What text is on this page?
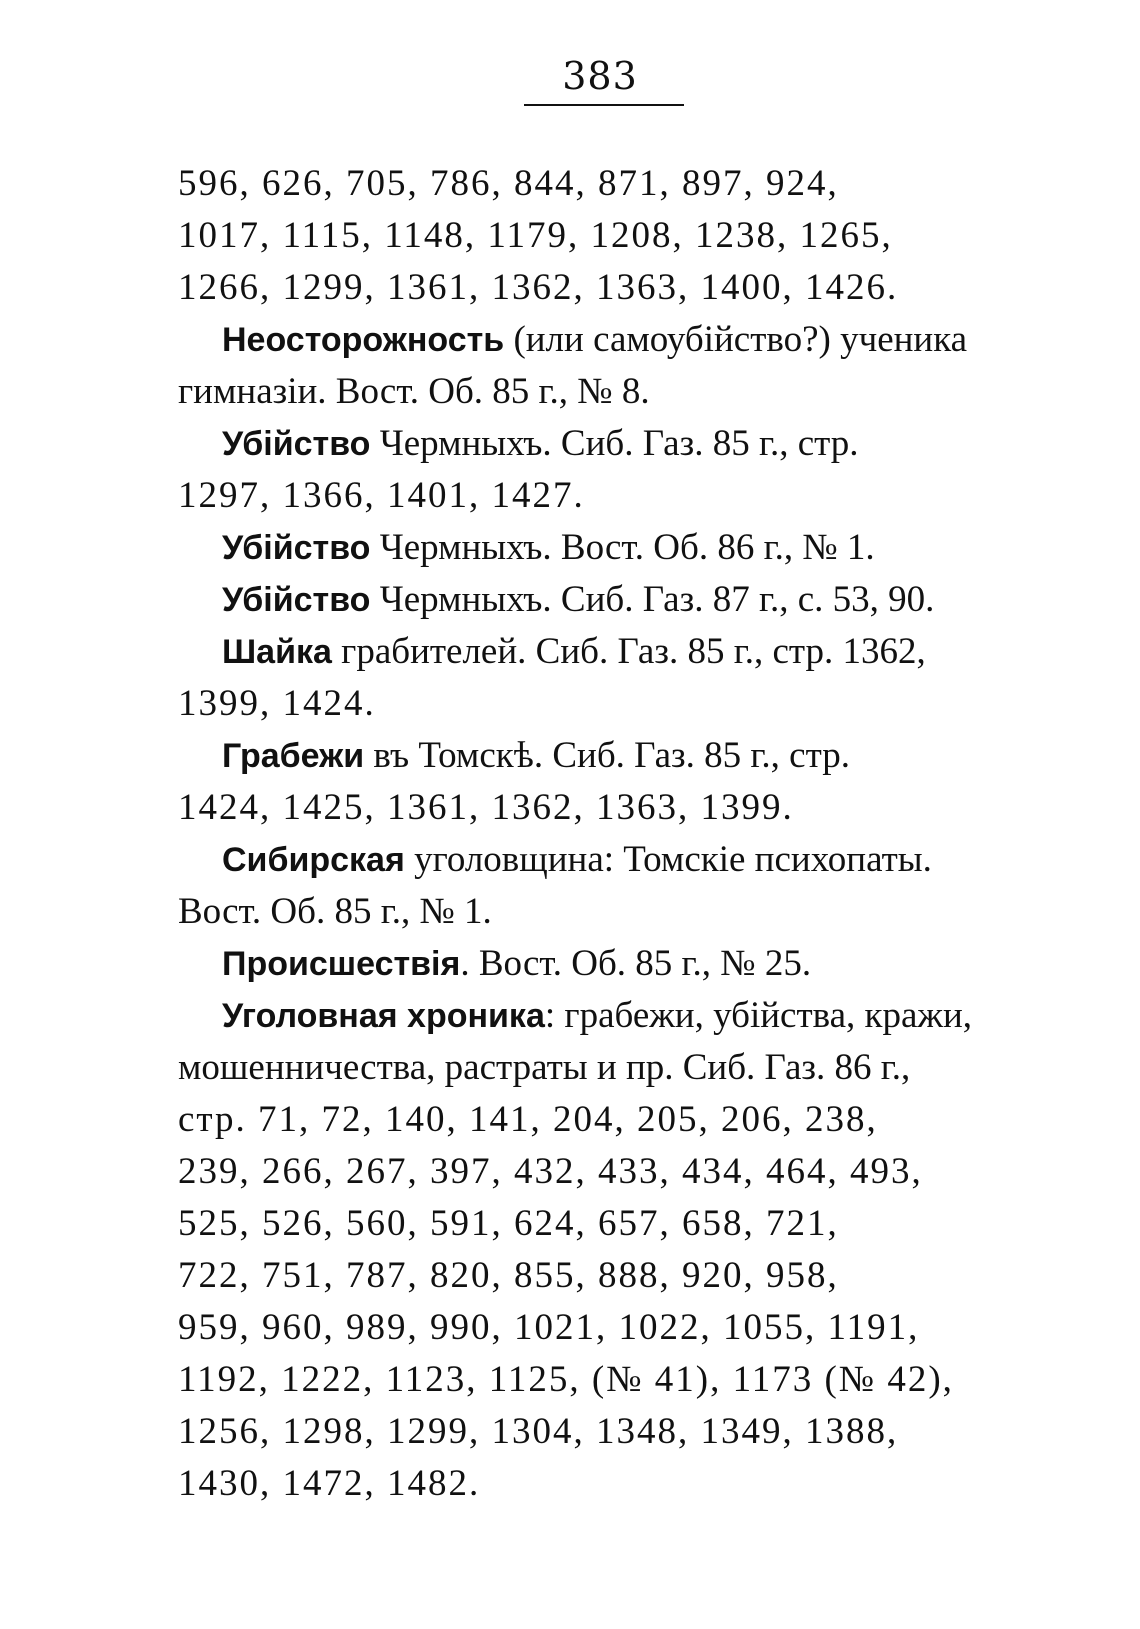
383

596, 626, 705, 786, 844, 871, 897, 924,
1017, 1115, 1148, 1179, 1208, 1238, 1265,
1266, 1299, 1361, 1362, 1363, 1400, 1426.

Неосторожность (или самоубійство?) ученика
гимназіи. Вост. Об. 85 г., № 8.

Убійство Чермныхъ. Сиб. Газ. 85 г., стр.
1297, 1366, 1401, 1427.

Убійство Чермныхъ. Вост. Об. 86 г., № 1.

Убійство Чермныхъ. Сиб. Газ. 87 г., с. 53, 90.

Шайка грабителей. Сиб. Газ. 85 г., стр. 1362,
1399, 1424.

Грабежи въ Томскѣ. Сиб. Газ. 85 г., стр.
1424, 1425, 1361, 1362, 1363, 1399.

Сибирская уголовщина: Томскіе психопаты.
Вост. Об. 85 г., № 1.

Происшествія. Вост. Об. 85 г., № 25.

Уголовная хроника: грабежи, убійства, кражи,
мошенничества, растраты и пр. Сиб. Газ. 86 г.,
стр. 71, 72, 140, 141, 204, 205, 206, 238,
239, 266, 267, 397, 432, 433, 434, 464, 493,
525, 526, 560, 591, 624, 657, 658, 721,
722, 751, 787, 820, 855, 888, 920, 958,
959, 960, 989, 990, 1021, 1022, 1055, 1191,
1192, 1222, 1123, 1125, (№ 41), 1173 (№ 42),
1256, 1298, 1299, 1304, 1348, 1349, 1388,
1430, 1472, 1482.
